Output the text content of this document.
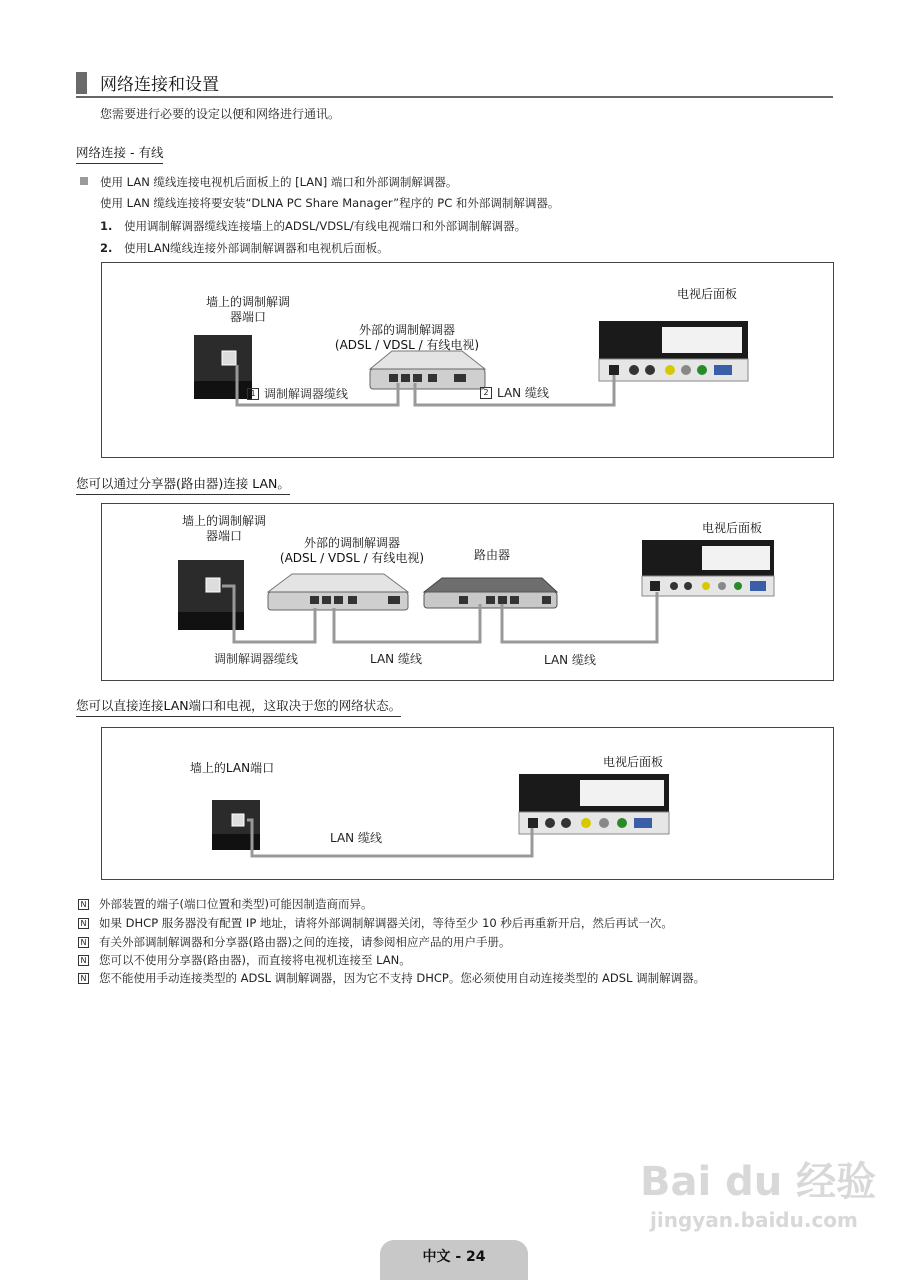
网络连接和设置
您需要进行必要的设定以便和网络进行通讯。
网络连接 - 有线
使用 LAN 缆线连接电视机后面板上的 [LAN] 端口和外部调制解调器。
使用 LAN 缆线连接将要安装“DLNA PC Share Manager”程序的 PC 和外部调制解调器。
1. 使用调制解调器缆线连接墙上的ADSL/VDSL/有线电视端口和外部调制解调器。
2. 使用LAN缆线连接外部调制解调器和电视机后面板。
墙上的调制解调
器端口
外部的调制解调器
(ADSL / VDSL / 有线电视)
电视后面板
1 调制解调器缆线	2 LAN 缆线
您可以通过分享器(路由器)连接 LAN。
墙上的调制解调
器端口	外部的调制解调器
(ADSL / VDSL / 有线电视)	路由器
电视后面板
调制解调器缆线	LAN 缆线	LAN 缆线
您可以直接连接LAN端口和电视，这取决于您的网络状态。
墙上的LAN端口	电视后面板
LAN 缆线
N 外部装置的端子(端口位置和类型)可能因制造商而异。
N 如果 DHCP 服务器没有配置 IP 地址，请将外部调制解调器关闭，等待至少 10 秒后再重新开启，然后再试一次。
N 有关外部调制解调器和分享器(路由器)之间的连接，请参阅相应产品的用户手册。
N 您可以不使用分享器(路由器)，而直接将电视机连接至 LAN。
N 您不能使用手动连接类型的 ADSL 调制解调器，因为它不支持 DHCP。您必须使用自动连接类型的 ADSL 调制解调器。
Bai du 经验
jingyan.baidu.com
中文 - 24
